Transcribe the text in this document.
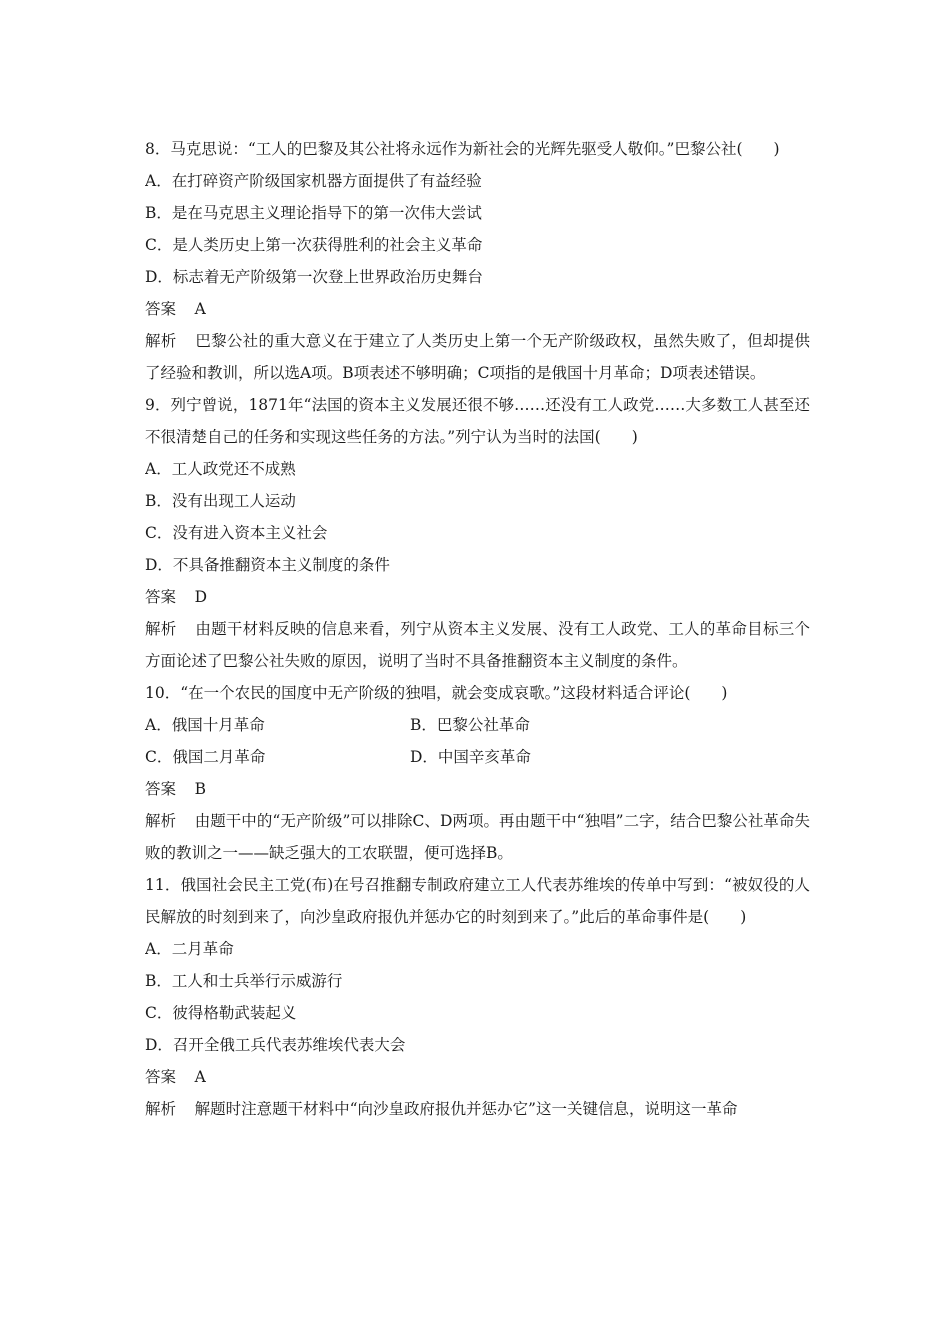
8．马克思说：“工人的巴黎及其公社将永远作为新社会的光辉先驱受人敬仰。”巴黎公社(　　)
A．在打碎资产阶级国家机器方面提供了有益经验
B．是在马克思主义理论指导下的第一次伟大尝试
C．是人类历史上第一次获得胜利的社会主义革命
D．标志着无产阶级第一次登上世界政治历史舞台
答案 A
解析 巴黎公社的重大意义在于建立了人类历史上第一个无产阶级政权，虽然失败了，但却提供了经验和教训，所以选A项。B项表述不够明确；C项指的是俄国十月革命；D项表述错误。
9．列宁曾说，1871年“法国的资本主义发展还很不够……还没有工人政党……大多数工人甚至还不很清楚自己的任务和实现这些任务的方法。”列宁认为当时的法国(　　)
A．工人政党还不成熟
B．没有出现工人运动
C．没有进入资本主义社会
D．不具备推翻资本主义制度的条件
答案 D
解析 由题干材料反映的信息来看，列宁从资本主义发展、没有工人政党、工人的革命目标三个方面论述了巴黎公社失败的原因，说明了当时不具备推翻资本主义制度的条件。
10．“在一个农民的国度中无产阶级的独唱，就会变成哀歌。”这段材料适合评论(　　)
A．俄国十月革命	B．巴黎公社革命
C．俄国二月革命	D．中国辛亥革命
答案 B
解析 由题干中的“无产阶级”可以排除C、D两项。再由题干中“独唱”二字，结合巴黎公社革命失败的教训之一——缺乏强大的工农联盟，便可选择B。
11．俄国社会民主工党(布)在号召推翻专制政府建立工人代表苏维埃的传单中写到：“被奴役的人民解放的时刻到来了，向沙皇政府报仇并惩办它的时刻到来了。”此后的革命事件是(　　)
A．二月革命
B．工人和士兵举行示威游行
C．彼得格勒武装起义
D．召开全俄工兵代表苏维埃代表大会
答案 A
解析 解题时注意题干材料中“向沙皇政府报仇并惩办它”这一关键信息，说明这一革命
